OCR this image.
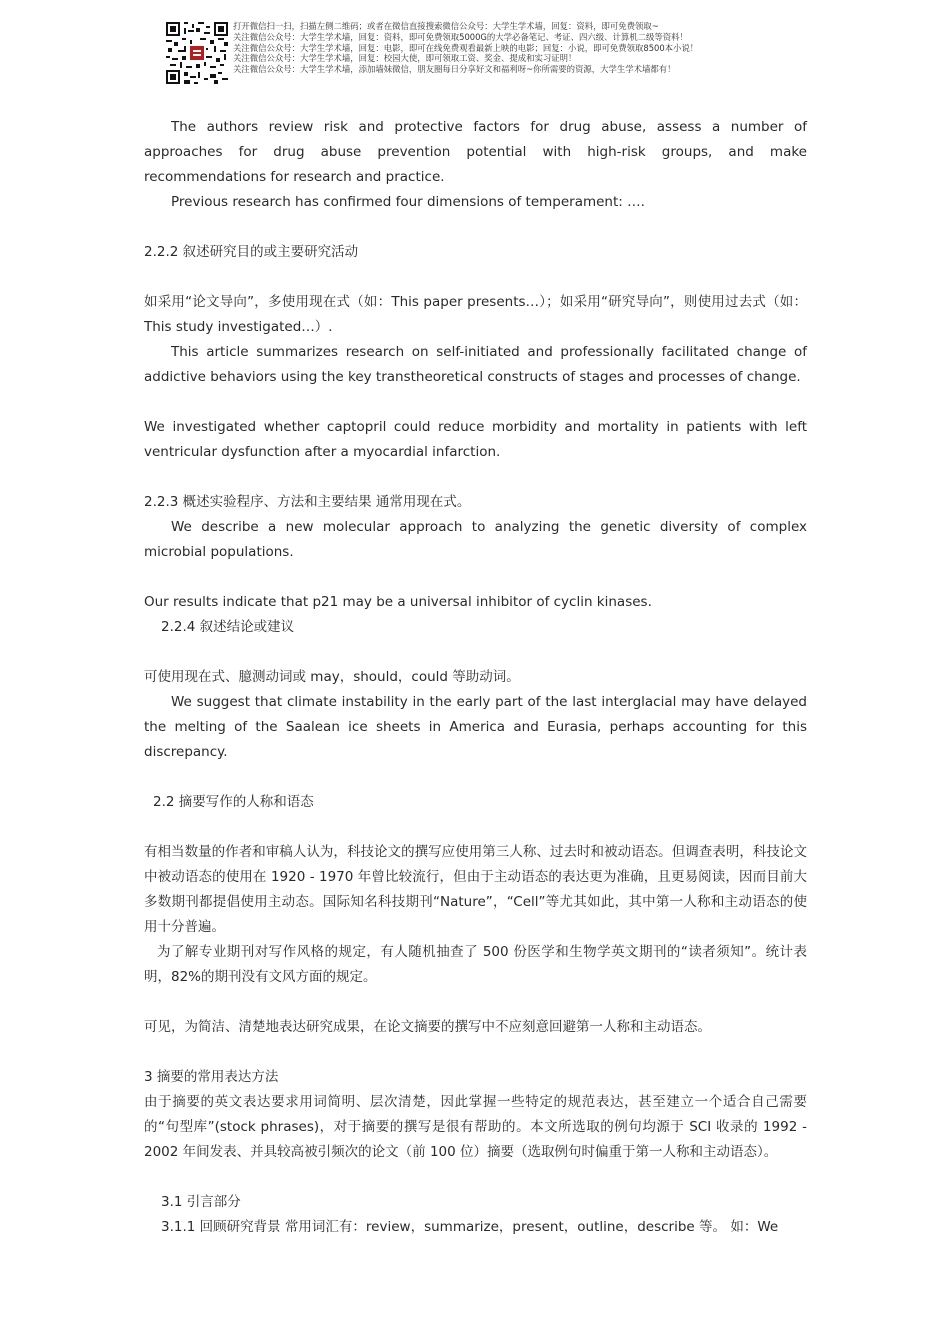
打开微信扫一扫，扫描左侧二维码；或者在微信直接搜索微信公众号：大学生学术墙，回复：资料，即可免费领取~
关注微信公众号：大学生学术墙，回复：资料，即可免费领取5000G的大学必备笔记、考证、四六级、计算机二级等资料！
关注微信公众号：大学生学术墙，回复：电影，即可在线免费观看最新上映的电影；回复：小说，即可免费领取8500本小说！
关注微信公众号：大学生学术墙，回复：校园大使，即可领取工资、奖金、提成和实习证明！
关注微信公众号：大学生学术墙，添加墙妹微信，朋友圈每日分享好文和福利呀~你所需要的资源，大学生学术墙都有！

The authors review risk and protective factors for drug abuse, assess a number of approaches for drug abuse prevention potential with high-risk groups, and make recommendations for research and practice.

Previous research has confirmed four dimensions of temperament: ….

2.2.2 叙述研究目的或主要研究活动

如采用“论文导向”，多使用现在式（如：This paper presents…）；如采用“研究导向”，则使用过去式（如：This study investigated…）.

This article summarizes research on self-initiated and professionally facilitated change of addictive behaviors using the key transtheoretical constructs of stages and processes of change.

We investigated whether captopril could reduce morbidity and mortality in patients with left ventricular dysfunction after a myocardial infarction.

2.2.3 概述实验程序、方法和主要结果 通常用现在式。

We describe a new molecular approach to analyzing the genetic diversity of complex microbial populations.

Our results indicate that p21 may be a universal inhibitor of cyclin kinases.

2.2.4 叙述结论或建议

可使用现在式、臆测动词或 may，should，could 等助动词。

We suggest that climate instability in the early part of the last interglacial may have delayed the melting of the Saalean ice sheets in America and Eurasia, perhaps accounting for this discrepancy.

2.2 摘要写作的人称和语态

有相当数量的作者和审稿人认为，科技论文的撰写应使用第三人称、过去时和被动语态。但调查表明，科技论文中被动语态的使用在 1920 - 1970 年曾比较流行，但由于主动语态的表达更为准确，且更易阅读，因而目前大多数期刊都提倡使用主动态。国际知名科技期刊“Nature”，“Cell”等尤其如此，其中第一人称和主动语态的使用十分普遍。

为了解专业期刊对写作风格的规定，有人随机抽查了 500 份医学和生物学英文期刊的“读者须知”。统计表明，82%的期刊没有文风方面的规定。

可见，为简洁、清楚地表达研究成果，在论文摘要的撰写中不应刻意回避第一人称和主动语态。

3 摘要的常用表达方法

由于摘要的英文表达要求用词简明、层次清楚，因此掌握一些特定的规范表达，甚至建立一个适合自己需要的“句型库”(stock phrases)，对于摘要的撰写是很有帮助的。本文所选取的例句均源于 SCI 收录的 1992 - 2002 年间发表、并具较高被引频次的论文（前 100 位）摘要（选取例句时偏重于第一人称和主动语态）。

3.1 引言部分

3.1.1 回顾研究背景 常用词汇有：review，summarize，present，outline，describe 等。 如：We
